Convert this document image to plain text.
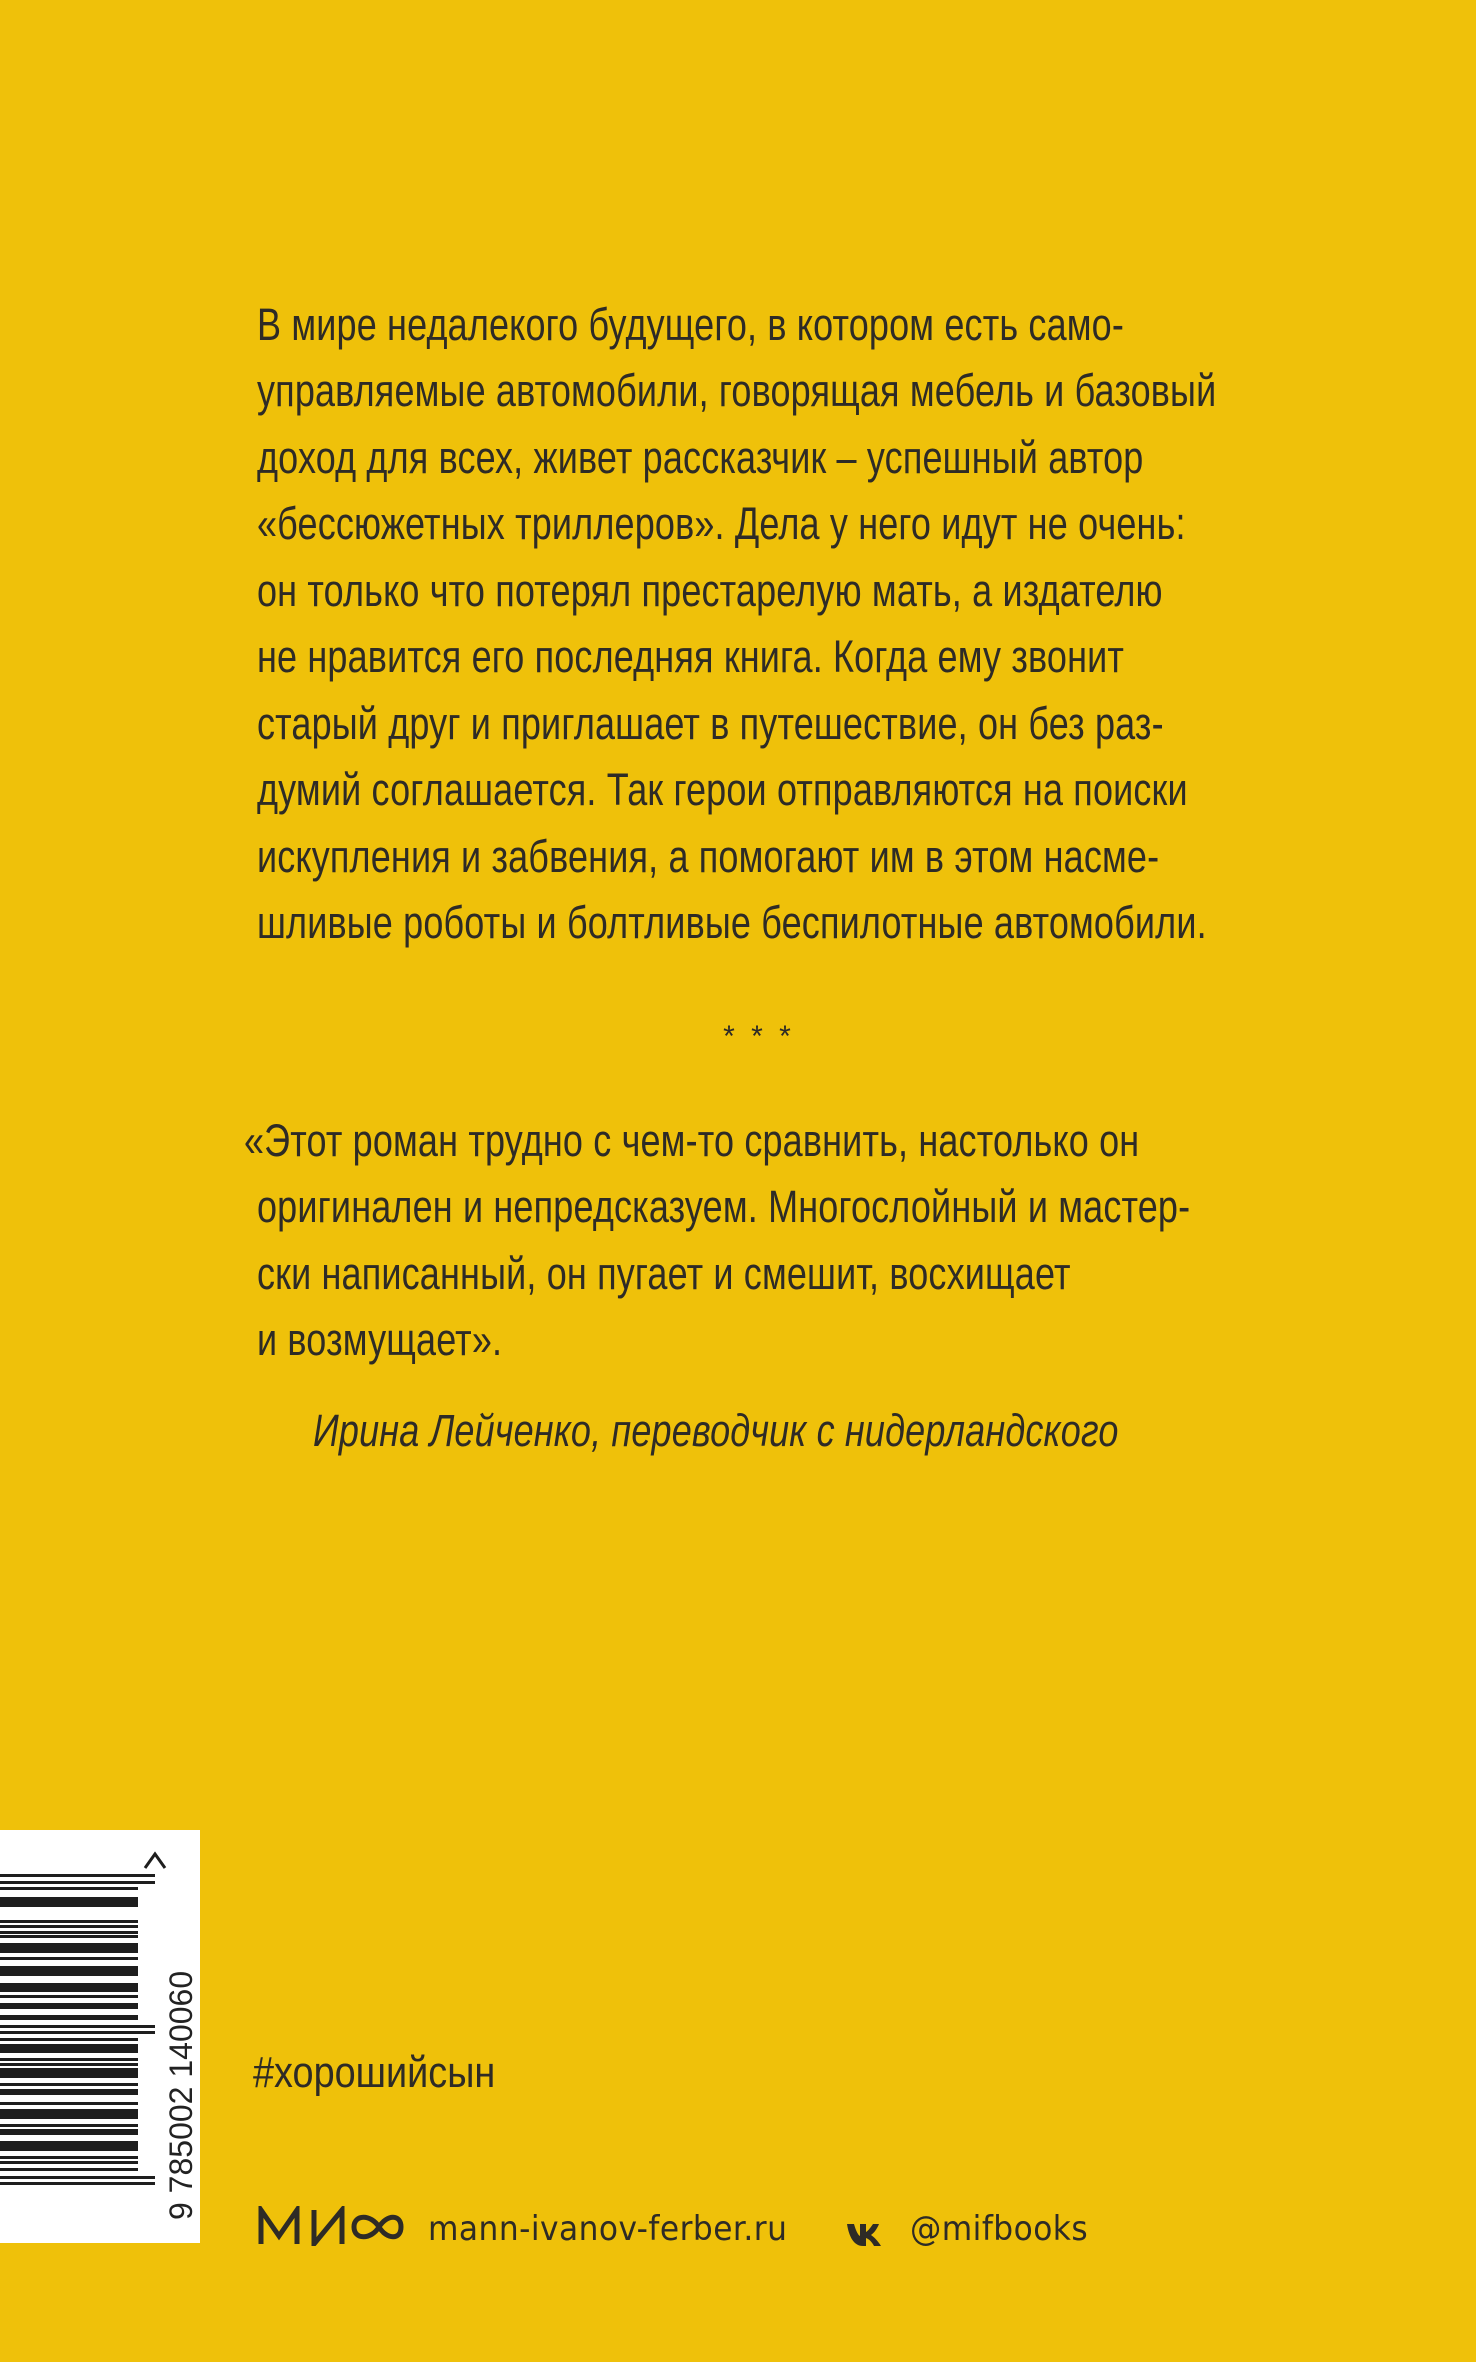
В мире недалекого будущего, в котором есть само-
управляемые автомобили, говорящая мебель и базовый
доход для всех, живет рассказчик – успешный автор
«бессюжетных триллеров». Дела у него идут не очень:
он только что потерял престарелую мать, а издателю
не нравится его последняя книга. Когда ему звонит
старый друг и приглашает в путешествие, он без раз-
думий соглашается. Так герои отправляются на поиски
искупления и забвения, а помогают им в этом насме-
шливые роботы и болтливые беспилотные автомобили.
* * *
«Этот роман трудно с чем-то сравнить, настолько он
оригинален и непредсказуем. Многослойный и мастер-
ски написанный, он пугает и смешит, восхищает
и возмущает».
Ирина Лейченко, переводчик с нидерландского
#хорошийсын
9 785002 140060
mann-ivanov-ferber.ru	@mifbooks
